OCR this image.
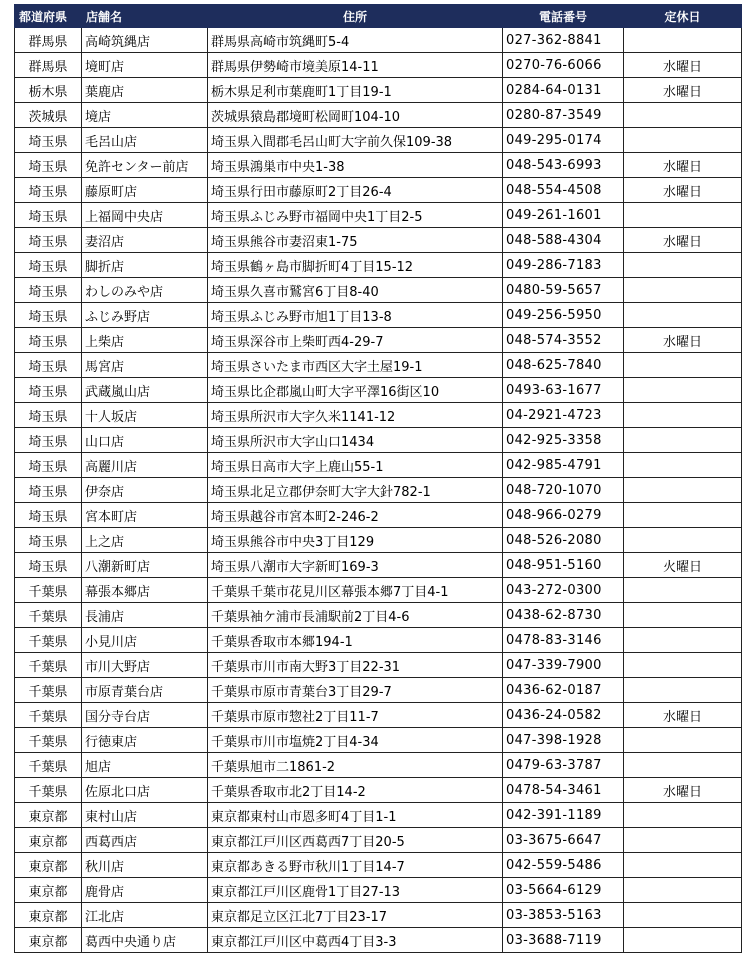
都道府県	店舗名	住所	電話番号	定休日
群馬県	高崎筑縄店	群馬県高崎市筑縄町5-4	027-362-8841	
群馬県	境町店	群馬県伊勢崎市境美原14-11	0270-76-6066	水曜日
栃木県	葉鹿店	栃木県足利市葉鹿町1丁目19-1	0284-64-0131	水曜日
茨城県	境店	茨城県猿島郡境町松岡町104-10	0280-87-3549	
埼玉県	毛呂山店	埼玉県入間郡毛呂山町大字前久保109-38	049-295-0174	
埼玉県	免許センター前店	埼玉県鴻巣市中央1-38	048-543-6993	水曜日
埼玉県	藤原町店	埼玉県行田市藤原町2丁目26-4	048-554-4508	水曜日
埼玉県	上福岡中央店	埼玉県ふじみ野市福岡中央1丁目2-5	049-261-1601	
埼玉県	妻沼店	埼玉県熊谷市妻沼東1-75	048-588-4304	水曜日
埼玉県	脚折店	埼玉県鶴ヶ島市脚折町4丁目15-12	049-286-7183	
埼玉県	わしのみや店	埼玉県久喜市鷲宮6丁目8-40	0480-59-5657	
埼玉県	ふじみ野店	埼玉県ふじみ野市旭1丁目13-8	049-256-5950	
埼玉県	上柴店	埼玉県深谷市上柴町西4-29-7	048-574-3552	水曜日
埼玉県	馬宮店	埼玉県さいたま市西区大字土屋19-1	048-625-7840	
埼玉県	武蔵嵐山店	埼玉県比企郡嵐山町大字平澤16街区10	0493-63-1677	
埼玉県	十人坂店	埼玉県所沢市大字久米1141-12	04-2921-4723	
埼玉県	山口店	埼玉県所沢市大字山口1434	042-925-3358	
埼玉県	高麗川店	埼玉県日高市大字上鹿山55-1	042-985-4791	
埼玉県	伊奈店	埼玉県北足立郡伊奈町大字大針782-1	048-720-1070	
埼玉県	宮本町店	埼玉県越谷市宮本町2-246-2	048-966-0279	
埼玉県	上之店	埼玉県熊谷市中央3丁目129	048-526-2080	
埼玉県	八潮新町店	埼玉県八潮市大字新町169-3	048-951-5160	火曜日
千葉県	幕張本郷店	千葉県千葉市花見川区幕張本郷7丁目4-1	043-272-0300	
千葉県	長浦店	千葉県袖ケ浦市長浦駅前2丁目4-6	0438-62-8730	
千葉県	小見川店	千葉県香取市本郷194-1	0478-83-3146	
千葉県	市川大野店	千葉県市川市南大野3丁目22-31	047-339-7900	
千葉県	市原青葉台店	千葉県市原市青葉台3丁目29-7	0436-62-0187	
千葉県	国分寺台店	千葉県市原市惣社2丁目11-7	0436-24-0582	水曜日
千葉県	行徳東店	千葉県市川市塩焼2丁目4-34	047-398-1928	
千葉県	旭店	千葉県旭市二1861-2	0479-63-3787	
千葉県	佐原北口店	千葉県香取市北2丁目14-2	0478-54-3461	水曜日
東京都	東村山店	東京都東村山市恩多町4丁目1-1	042-391-1189	
東京都	西葛西店	東京都江戸川区西葛西7丁目20-5	03-3675-6647	
東京都	秋川店	東京都あきる野市秋川1丁目14-7	042-559-5486	
東京都	鹿骨店	東京都江戸川区鹿骨1丁目27-13	03-5664-6129	
東京都	江北店	東京都足立区江北7丁目23-17	03-3853-5163	
東京都	葛西中央通り店	東京都江戸川区中葛西4丁目3-3	03-3688-7119	
